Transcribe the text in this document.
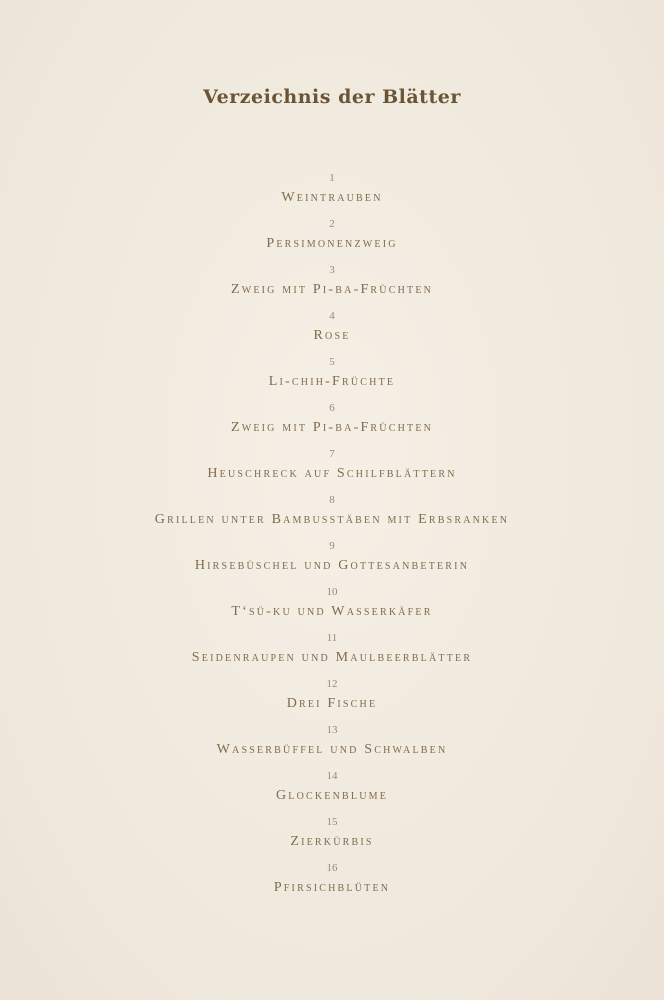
Verzeichnis der Blätter
1
Weintrauben
2
Persimonenzweig
3
Zweig mit Pi-ba-Früchten
4
Rose
5
Li-chih-Früchte
6
Zweig mit Pi-ba-Früchten
7
Heuschreck auf Schilfblättern
8
Grillen unter Bambusstäben mit Erbsranken
9
Hirsebüschel und Gottesanbeterin
10
T‘sü-ku und Wasserkäfer
11
Seidenraupen und Maulbeerblätter
12
Drei Fische
13
Wasserbüffel und Schwalben
14
Glockenblume
15
Zierkürbis
16
Pfirsichblüten
